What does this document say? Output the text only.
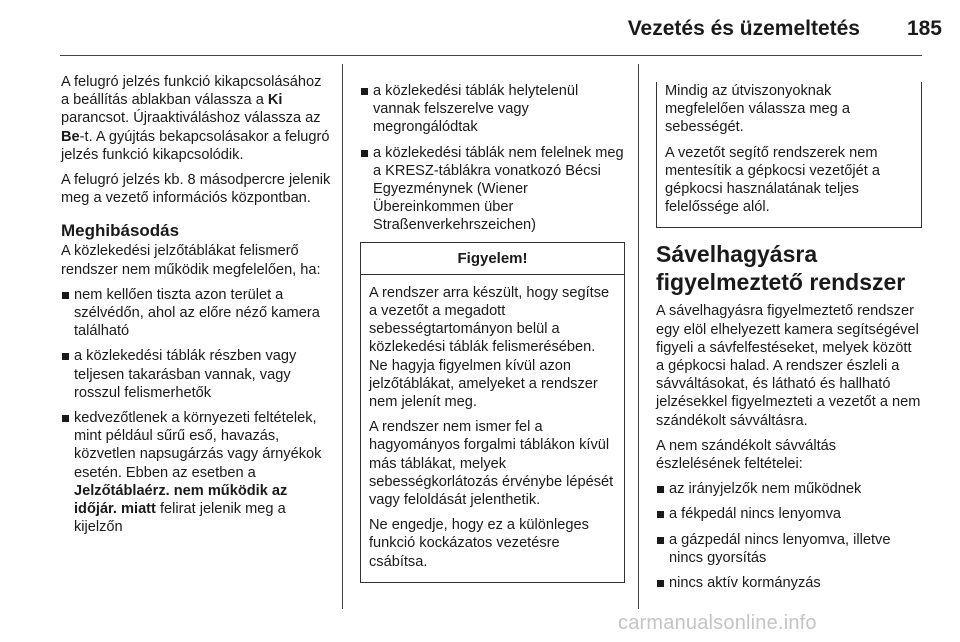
Vezetés és üzemeltetés	185

A felugró jelzés funkció kikapcsolásához a beállítás ablakban válassza a Ki parancsot. Újraaktiváláshoz válassza az Be-t. A gyújtás bekapcsolásakor a felugró jelzés funkció kikapcsolódik.

A felugró jelzés kb. 8 másodpercre jelenik meg a vezető információs központban.

Meghibásodás

A közlekedési jelzőtáblákat felismerő rendszer nem működik megfelelően, ha:

nem kellően tiszta azon terület a szélvédőn, ahol az előre néző kamera található
a közlekedési táblák részben vagy teljesen takarásban vannak, vagy rosszul felismerhetők
kedvezőtlenek a környezeti feltételek, mint például sűrű eső, havazás, közvetlen napsugárzás vagy árnyékok esetén. Ebben az esetben a Jelzőtáblaérz. nem működik az időjár. miatt felirat jelenik meg a kijelzőn
a közlekedési táblák helytelenül vannak felszerelve vagy megrongálódtak
a közlekedési táblák nem felelnek meg a KRESZ-táblákra vonatkozó Bécsi Egyezménynek (Wiener Übereinkommen über Straßenverkehrszeichen)
Figyelem!

A rendszer arra készült, hogy segítse a vezetőt a megadott sebességtartományon belül a közlekedési táblák felismerésében. Ne hagyja figyelmen kívül azon jelzőtáblákat, amelyeket a rendszer nem jelenít meg.

A rendszer nem ismer fel a hagyományos forgalmi táblákon kívül más táblákat, melyek sebességkorlátozás érvénybe lépését vagy feloldását jelenthetik.

Ne engedje, hogy ez a különleges funkció kockázatos vezetésre csábítsa.

Mindig az útviszonyoknak megfelelően válassza meg a sebességét.

A vezetőt segítő rendszerek nem mentesítik a gépkocsi vezetőjét a gépkocsi használatának teljes felelőssége alól.

Sávelhagyásra figyelmeztető rendszer

A sávelhagyásra figyelmeztető rendszer egy elöl elhelyezett kamera segítségével figyeli a sávfelfestéseket, melyek között a gépkocsi halad. A rendszer észleli a sávváltásokat, és látható és hallható jelzésekkel figyelmezteti a vezetőt a nem szándékolt sávváltásra.

A nem szándékolt sávváltás észlelésének feltételei:

az irányjelzők nem működnek
a fékpedál nincs lenyomva
a gázpedál nincs lenyomva, illetve nincs gyorsítás
nincs aktív kormányzás
carmanualsonline.info
